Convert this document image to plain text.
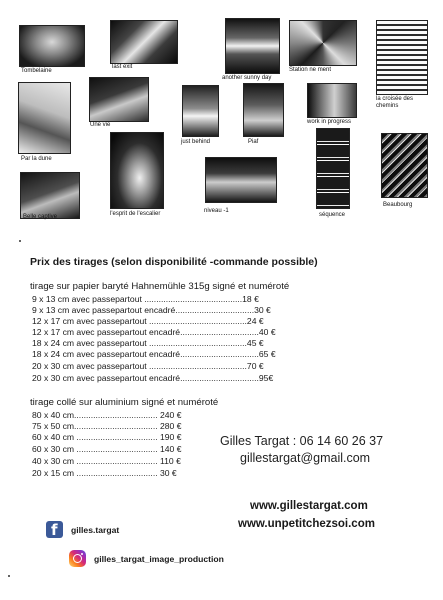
Tombelaine
last exit
another sunny day
Station ne ment
la croisée des chemins
Une vie	work in progress
Par la dune
just behind	Piaf
séquence
Beaubourg
Belle captive	l'esprit de l'escalier	niveau -1
Prix des tirages (selon disponibilité -commande possible)
tirage sur papier baryté Hahnemühle 315g signé et numéroté
9 x 13 cm avec passepartout .........................................18 €
9 x 13 cm avec passepartout encadré.................................30 €
12 x 17 cm avec passepartout .........................................24 €
12 x 17 cm avec passepartout encadré.................................40 €
18 x 24 cm avec passepartout .........................................45 €
18 x 24 cm avec passepartout encadré.................................65 €
20 x 30 cm avec passepartout .........................................70 €
20 x 30 cm avec passepartout encadré.................................95€
tirage collé sur aluminium signé et numéroté
80 x 40 cm................................... 240 €
75 x 50 cm................................... 280 €
60 x 40 cm .................................. 190 €
60 x 30 cm .................................. 140 €
40 x 30 cm .................................. 110 €
20 x 15 cm .................................. 30 €
Gilles Targat : 06 14 60 26 37
gillestargat@gmail.com
www.gillestargat.com
www.unpetitchezsoi.com
f gilles.targat
gilles_targat_image_production
